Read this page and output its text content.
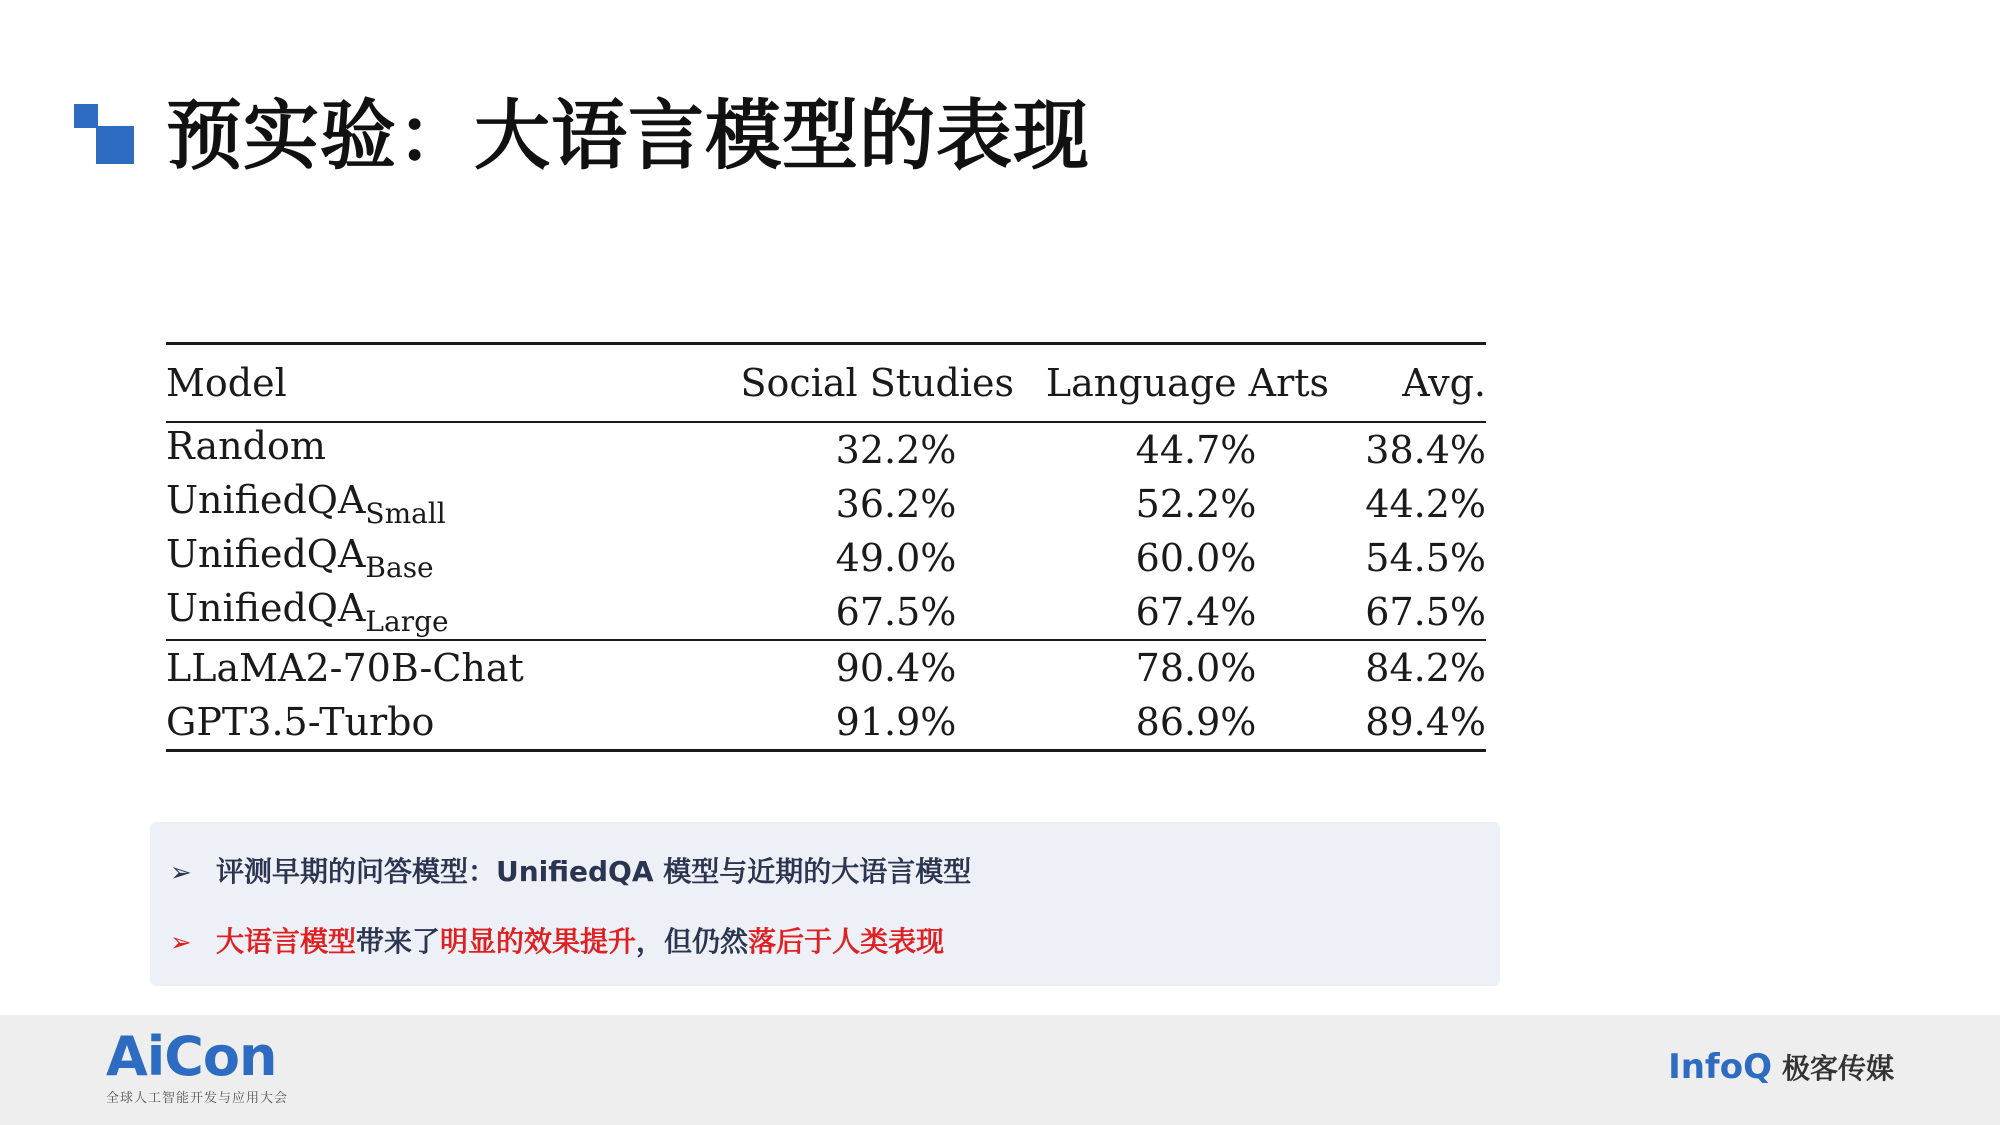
预实验：大语言模型的表现
Model	Social Studies	Language Arts	Avg.
Random	32.2%	44.7%	38.4%
UnifiedQA$_{Small}$	36.2%	52.2%	44.2%
UnifiedQA$_{Base}$	49.0%	60.0%	54.5%
UnifiedQA$_{Large}$	67.5%	67.4%	67.5%
LLaMA2-70B-Chat	90.4%	78.0%	84.2%
GPT3.5-Turbo	91.9%	86.9%	89.4%
➢ 评测早期的问答模型：UnifiedQA 模型与近期的大语言模型
➢ 大语言模型带来了明显的效果提升，但仍然落后于人类表现
AiCon
全球人工智能开发与应用大会
InfoQ 极客传媒
